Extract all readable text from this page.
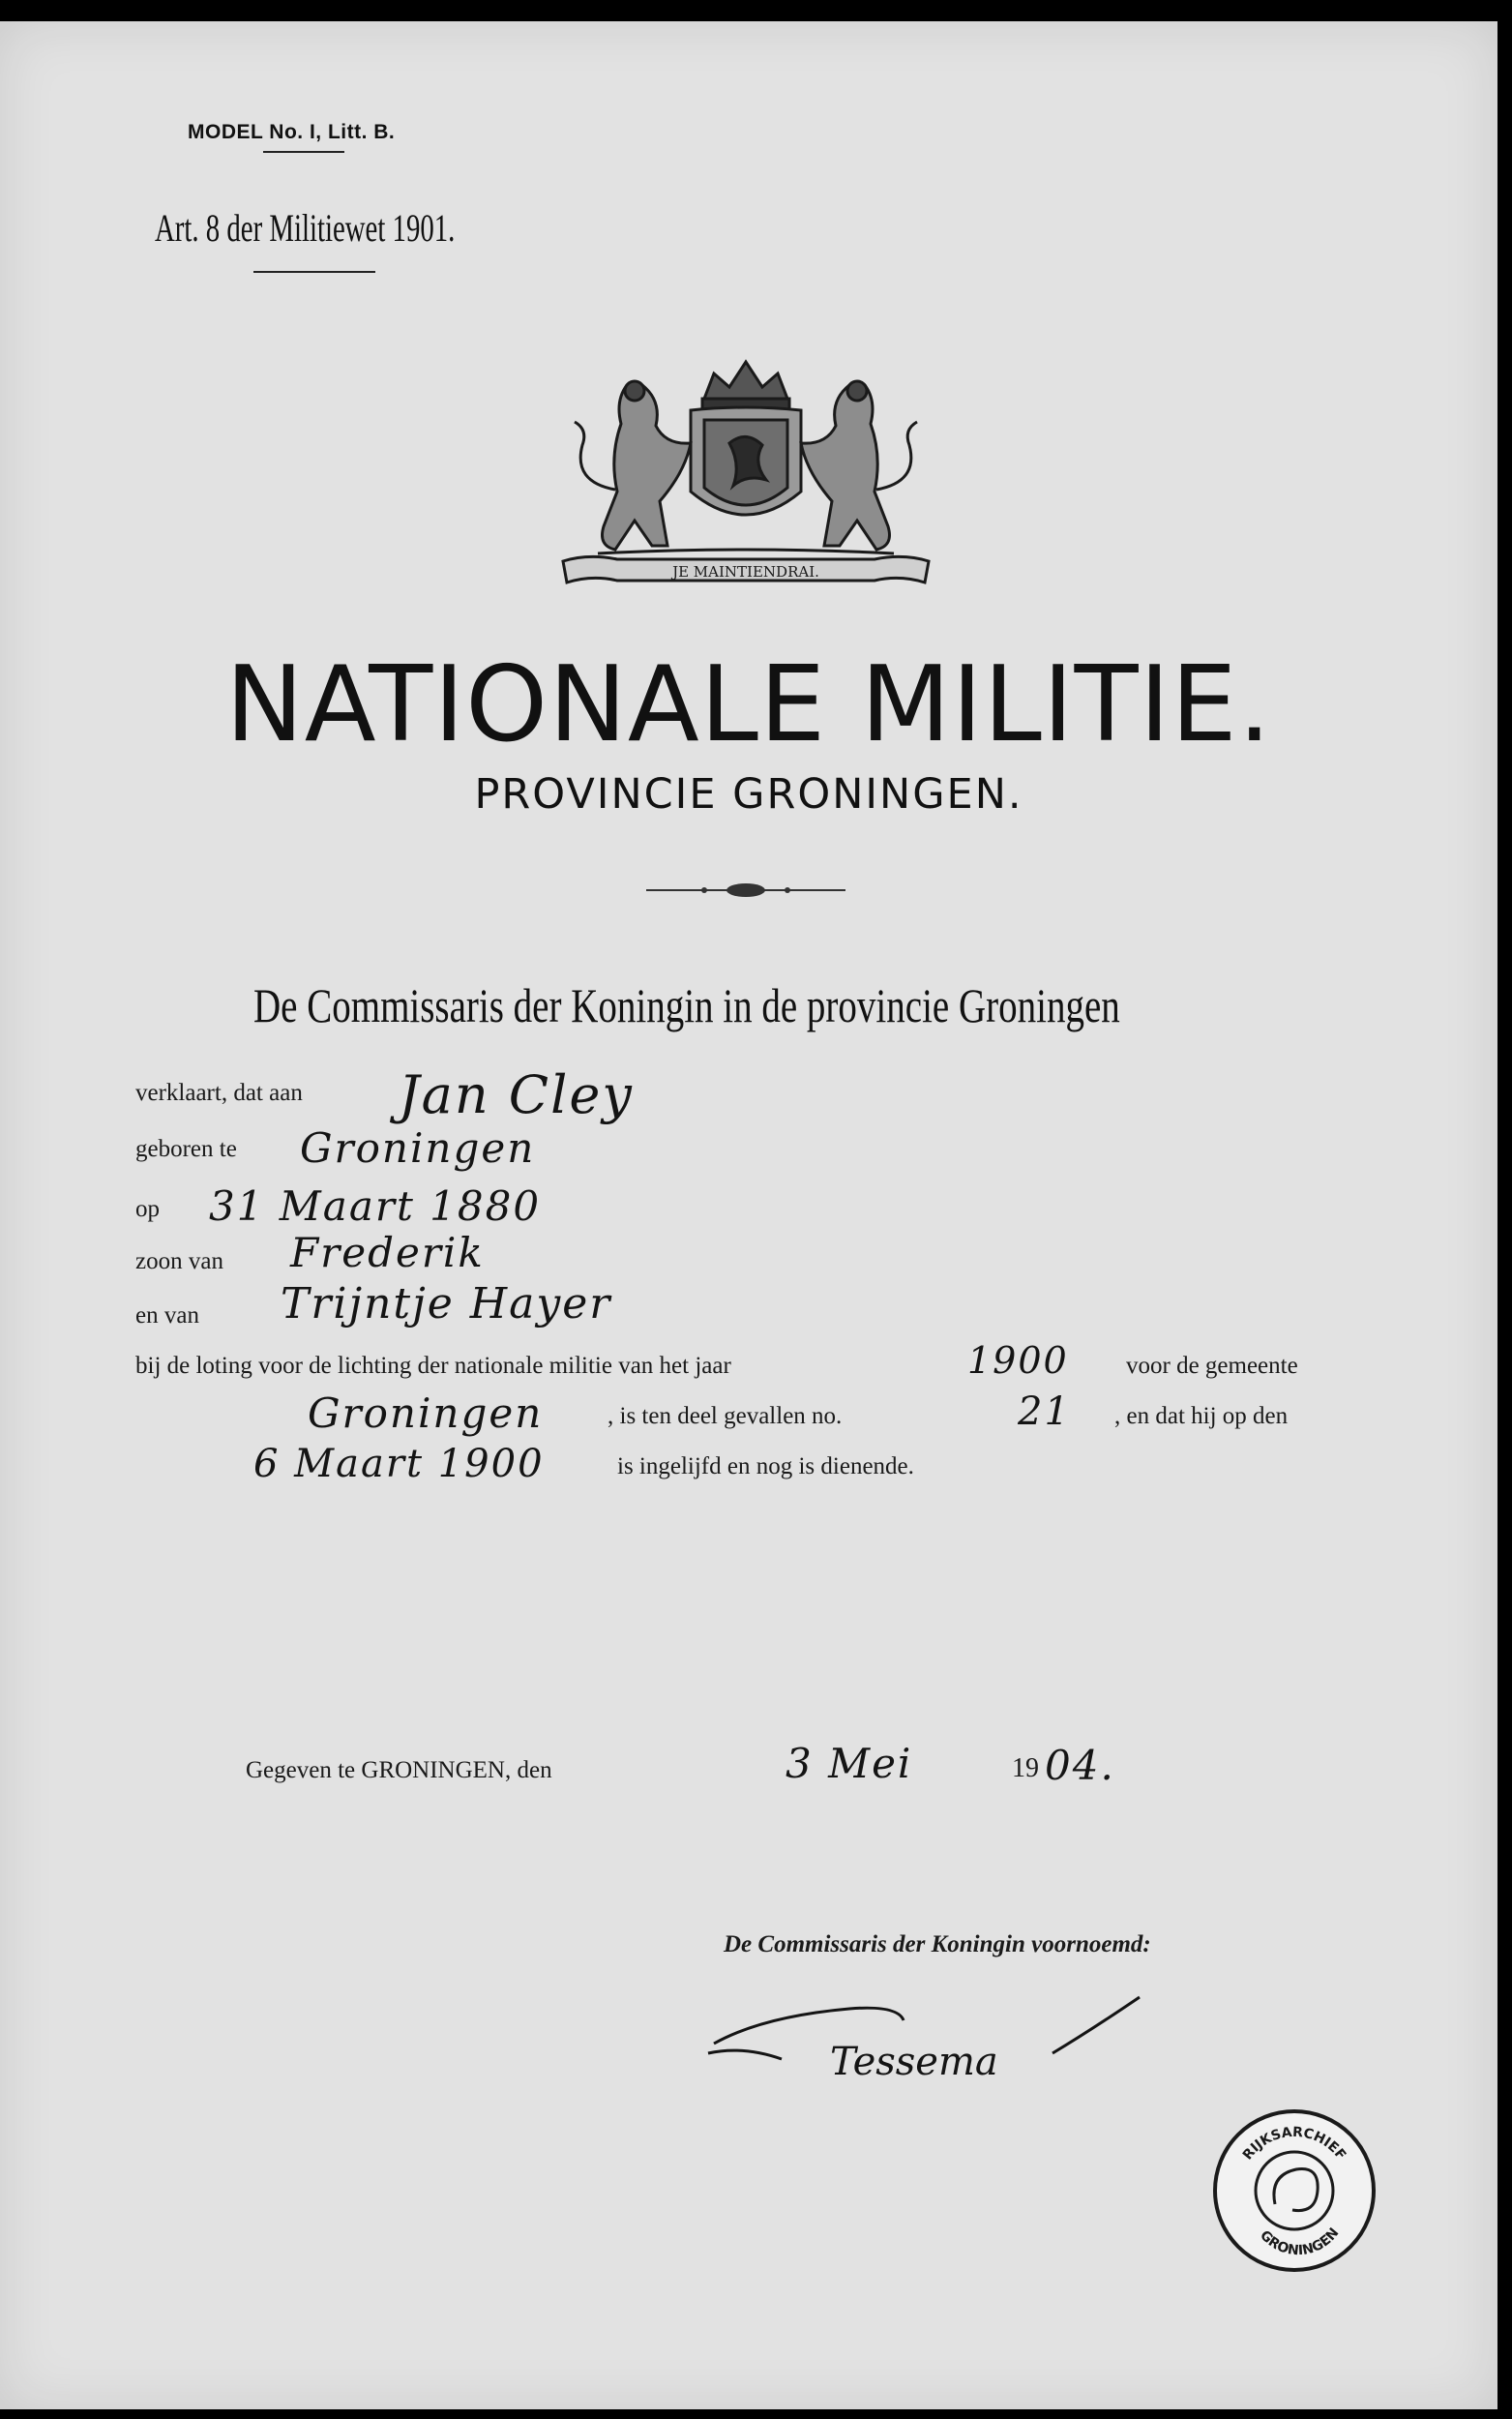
MODEL No. I, Litt. B.
Art. 8 der Militiewet 1901.
JE MAINTIENDRAI.
NATIONALE MILITIE.
PROVINCIE GRONINGEN.
De Commissaris der Koningin in de provincie Groningen
verklaart, dat aan Jan Cley
geboren te Groningen
op 31 Maart 1880
zoon van Frederik
en van Trijntje Hayer
bij de loting voor de lichting der nationale militie van het jaar	1900 voor de gemeente
Groningen	, is ten deel gevallen no.	21 , en dat hij op den
6 Maart 1900	is ingelijfd en nog is dienende.
Gegeven te GRONINGEN, den	3 Mei	19 04.
De Commissaris der Koningin voornoemd:
Tessema
RIJKSARCHIEF
GRONINGEN
